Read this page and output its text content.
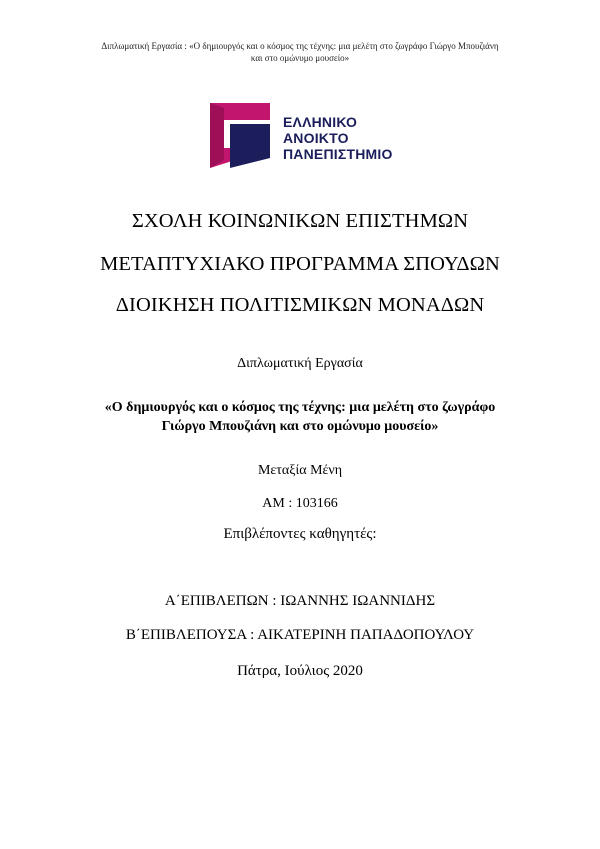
Διπλωματική Εργασία : «Ο δημιουργός και ο κόσμος της τέχνης: μια μελέτη στο ζωγράφο Γιώργο Μπουζιάνη
και στο ομώνυμο μουσείο»
ΕΛΛΗΝΙΚΟ
ΑΝΟΙΚΤΟ
ΠΑΝΕΠΙΣΤΗΜΙΟ
ΣΧΟΛΗ ΚΟΙΝΩΝΙΚΩΝ ΕΠΙΣΤΗΜΩΝ
ΜΕΤΑΠΤΥΧΙΑΚΟ ΠΡΟΓΡΑΜΜΑ ΣΠΟΥΔΩΝ
ΔΙΟΙΚΗΣΗ ΠΟΛΙΤΙΣΜΙΚΩΝ ΜΟΝΑΔΩΝ
Διπλωματική Εργασία
«Ο δημιουργός και ο κόσμος της τέχνης: μια μελέτη στο ζωγράφο
Γιώργο Μπουζιάνη και στο ομώνυμο μουσείο»
Μεταξία Μένη
ΑΜ : 103166
Επιβλέποντες καθηγητές:
Α΄ΕΠΙΒΛΕΠΩΝ : ΙΩΑΝΝΗΣ ΙΩΑΝΝΙΔΗΣ
Β΄ΕΠΙΒΛΕΠΟΥΣΑ : ΑΙΚΑΤΕΡΙΝΗ ΠΑΠΑΔΟΠΟΥΛΟΥ
Πάτρα, Ιούλιος 2020
